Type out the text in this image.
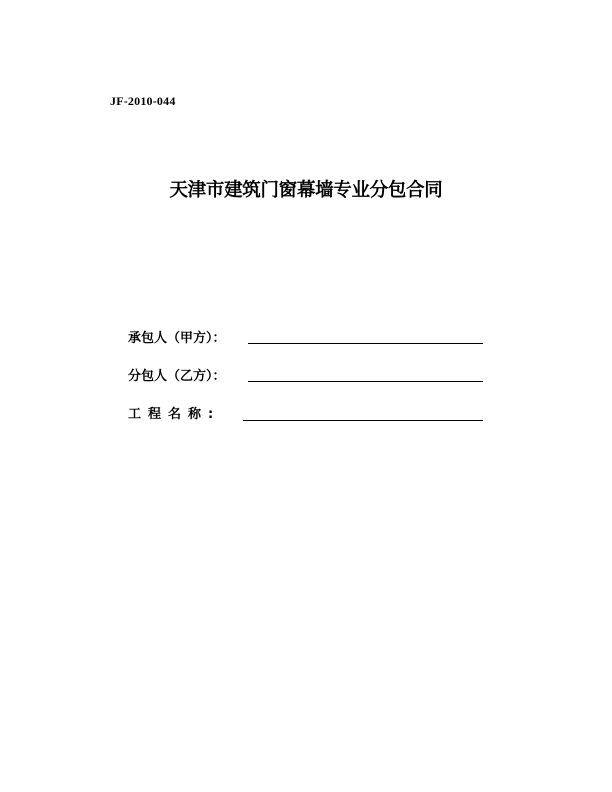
JF-2010-044
天津市建筑门窗幕墙专业分包合同
承包人（甲方）：
分包人（乙方）：
工程名称:
